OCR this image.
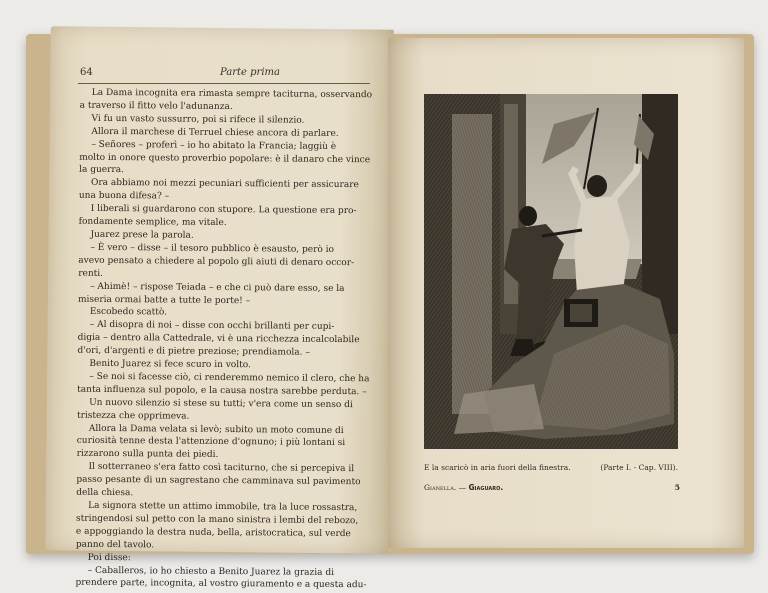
64	Parte prima

La Dama incognita era rimasta sempre taciturna, osservando

a traverso il fitto velo l'adunanza.

Vi fu un vasto sussurro, poi si rifece il silenzio.

Allora il marchese di Terruel chiese ancora di parlare.

– Señores – proferì – io ho abitato la Francia; laggiù è

molto in onore questo proverbio popolare: è il danaro che vince

la guerra.

Ora abbiamo noi mezzi pecuniari sufficienti per assicurare

una buona difesa? –

I liberali si guardarono con stupore. La questione era pro-

fondamente semplice, ma vitale.

Juarez prese la parola.

– È vero – disse – il tesoro pubblico è esausto, però io

avevo pensato a chiedere al popolo gli aiuti di denaro occor-

renti.

– Ahimè! – rispose Teiada – e che ci può dare esso, se la

miseria ormai batte a tutte le porte! –

Escobedo scattò.

– Al disopra di noi – disse con occhi brillanti per cupi-

digia – dentro alla Cattedrale, vi è una ricchezza incalcolabile

d'ori, d'argenti e di pietre preziose; prendiamola. –

Benito Juarez si fece scuro in volto.

– Se noi si facesse ciò, ci renderemmo nemico il clero, che ha

tanta influenza sul popolo, e la causa nostra sarebbe perduta. –

Un nuovo silenzio si stese su tutti; v'era come un senso di

tristezza che opprimeva.

Allora la Dama velata si levò; subito un moto comune di

curiosità tenne desta l'attenzione d'ognuno; i più lontani si

rizzarono sulla punta dei piedi.

Il sotterraneo s'era fatto così taciturno, che si percepiva il

passo pesante di un sagrestano che camminava sul pavimento

della chiesa.

La signora stette un attimo immobile, tra la luce rossastra,

stringendosi sul petto con la mano sinistra i lembi del rebozo,

e appoggiando la destra nuda, bella, aristocratica, sul verde

panno del tavolo.

Poi disse:

– Caballeros, io ho chiesto a Benito Juarez la grazia di

prendere parte, incognita, al vostro giuramento e a questa adu-

E la scaricò in aria fuori della finestra.	(Parte I. - Cap. VIII).
Gianella. — Giaguaro.	5
